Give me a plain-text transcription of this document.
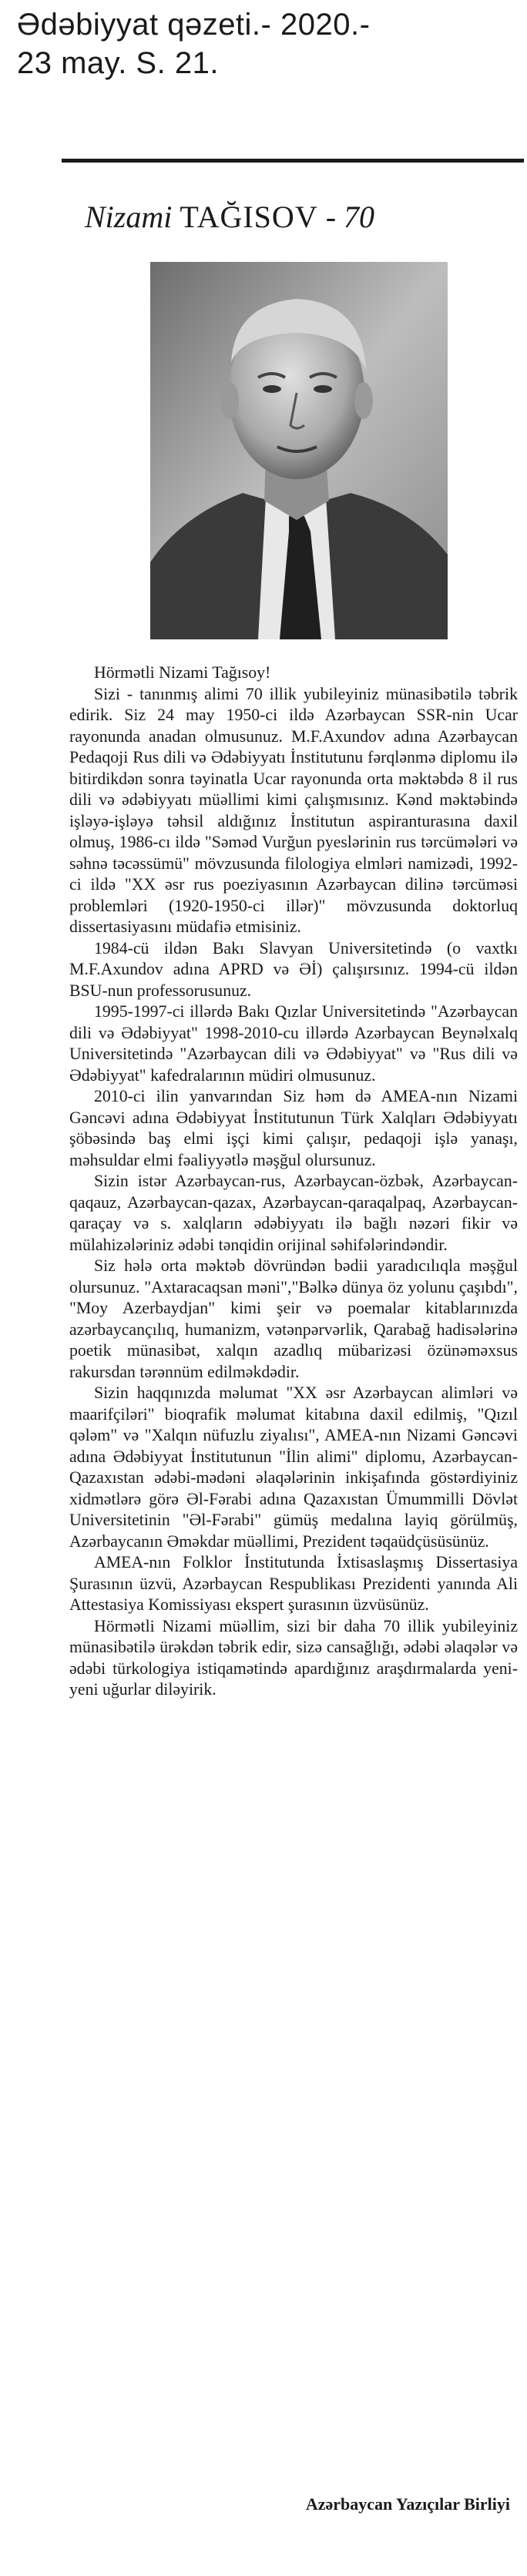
Ədəbiyyat qəzeti.- 2020.-
23 may. S. 21.
Nizami TAĞISOV - 70

Hörmətli Nizami Tağısoy!

Sizi - tanınmış alimi 70 illik yubileyiniz münasibətilə təbrik edirik. Siz 24 may 1950-ci ildə Azərbaycan SSR-nin Ucar rayonunda anadan olmusunuz. M.F.Axundov adına Azərbaycan Pedaqoji Rus dili və Ədəbiyyatı İnstitutunu fərqlənmə diplomu ilə bitirdikdən sonra təyinatla Ucar rayonunda orta məktəbdə 8 il rus dili və ədəbiyyatı müəllimi kimi çalışmısınız. Kənd məktəbində işləyə-işləyə təhsil aldığınız İnstitutun aspiranturasına daxil olmuş, 1986-cı ildə "Səməd Vurğun pyeslərinin rus tərcümələri və səhnə təcəssümü" mövzusunda filologiya elmləri namizədi, 1992-ci ildə "XX əsr rus poeziyasının Azərbaycan dilinə tərcüməsi problemləri (1920-1950-ci illər)" mövzusunda doktorluq dissertasiyasını müdafiə etmisiniz.

1984-cü ildən Bakı Slavyan Universitetində (o vaxtkı M.F.Axundov adına APRD və Əİ) çalışırsınız. 1994-cü ildən BSU-nun professorusunuz.

1995-1997-ci illərdə Bakı Qızlar Universitetində "Azərbaycan dili və Ədəbiyyat" 1998-2010-cu illərdə Azərbaycan Beynəlxalq Universitetində "Azərbaycan dili və Ədəbiyyat" və "Rus dili və Ədəbiyyat" kafedralarının müdiri olmusunuz.

2010-ci ilin yanvarından Siz həm də AMEA-nın Nizami Gəncəvi adına Ədəbiyyat İnstitutunun Türk Xalqları Ədəbiyyatı şöbəsində baş elmi işçi kimi çalışır, pedaqoji işlə yanaşı, məhsuldar elmi fəaliyyətlə məşğul olursunuz.

Sizin istər Azərbaycan-rus, Azərbaycan-özbək, Azərbaycan-qaqauz, Azərbaycan-qazax, Azərbaycan-qaraqalpaq, Azərbaycan-qaraçay və s. xalqların ədəbiyyatı ilə bağlı nəzəri fikir və mülahizələriniz ədəbi tənqidin orijinal səhifələrindəndir.

Siz hələ orta məktəb dövründən bədii yaradıcılıqla məşğul olursunuz. "Axtaracaqsan məni","Bəlkə dünya öz yolunu çaşıbdı", "Moy Azerbaydjan" kimi şeir və poemalar kitablarınızda azərbaycançılıq, humanizm, vətənpərvərlik, Qarabağ hadisələrinə poetik münasibət, xalqın azadlıq mübarizəsi özünəməxsus rakursdan tərənnüm edilməkdədir.

Sizin haqqınızda məlumat "XX əsr Azərbaycan alimləri və maarifçiləri" bioqrafik məlumat kitabına daxil edilmiş, "Qızıl qələm" və "Xalqın nüfuzlu ziyalısı", AMEA-nın Nizami Gəncəvi adına Ədəbiyyat İnstitutunun "İlin alimi" diplomu, Azərbaycan-Qazaxıstan ədəbi-mədəni əlaqələrinin inkişafında göstərdiyiniz xidmətlərə görə Əl-Fərabi adına Qazaxıstan Ümummilli Dövlət Universitetinin "Əl-Fərabi" gümüş medalına layiq görülmüş, Azərbaycanın Əməkdar müəllimi, Prezident təqaüdçüsüsünüz.

AMEA-nın Folklor İnstitutunda İxtisaslaşmış Dissertasiya Şurasının üzvü, Azərbaycan Respublikası Prezidenti yanında Ali Attestasiya Komissiyası ekspert şurasının üzvüsünüz.

Hörmətli Nizami müəllim, sizi bir daha 70 illik yubileyiniz münasibətilə ürəkdən təbrik edir, sizə cansağlığı, ədəbi əlaqələr və ədəbi türkologiya istiqamətində apardığınız araşdırmalarda yeni-yeni uğurlar diləyirik.

Azərbaycan Yazıçılar Birliyi
